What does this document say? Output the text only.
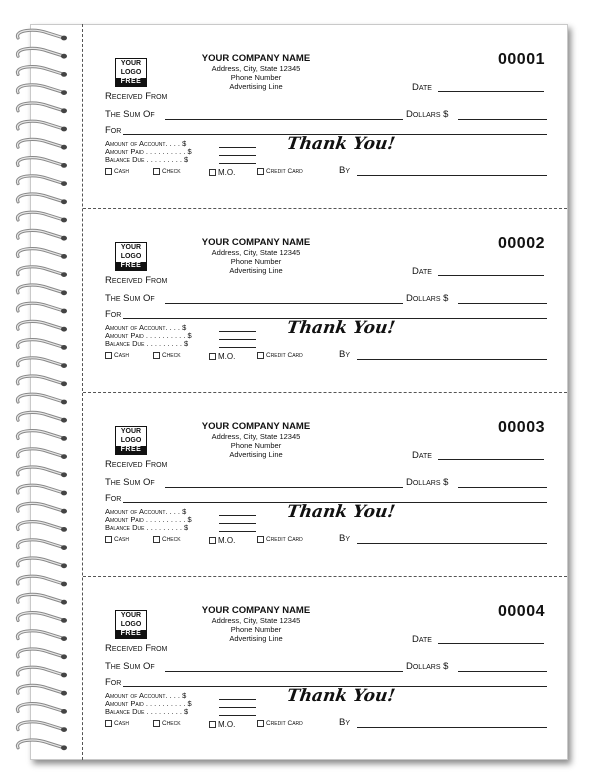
YOUR
LOGO
FREE
YOUR COMPANY NAME
Address, City, State 12345
Phone Number
Advertising Line
00001
Received From
Date
The Sum Of	Dollars $
For
Amount of Account. . . . $
Amount Paid . . . . . . . . . . $
Balance Due . . . . . . . . . $
Thank You!
Cash	Check	M.O.	Credit Card	By
YOUR
LOGO
FREE
YOUR COMPANY NAME
Address, City, State 12345
Phone Number
Advertising Line
00002
Received From
Date
The Sum Of	Dollars $
For
Amount of Account. . . . $
Amount Paid . . . . . . . . . . $
Balance Due . . . . . . . . . $
Thank You!
Cash	Check	M.O.	Credit Card	By
YOUR
LOGO
FREE
YOUR COMPANY NAME
Address, City, State 12345
Phone Number
Advertising Line
00003
Received From
Date
The Sum Of	Dollars $
For
Amount of Account. . . . $
Amount Paid . . . . . . . . . . $
Balance Due . . . . . . . . . $
Thank You!
Cash	Check	M.O.	Credit Card	By
YOUR
LOGO
FREE
YOUR COMPANY NAME
Address, City, State 12345
Phone Number
Advertising Line
00004
Received From
Date
The Sum Of	Dollars $
For
Amount of Account. . . . $
Amount Paid . . . . . . . . . . $
Balance Due . . . . . . . . . $
Thank You!
Cash	Check	M.O.	Credit Card	By
